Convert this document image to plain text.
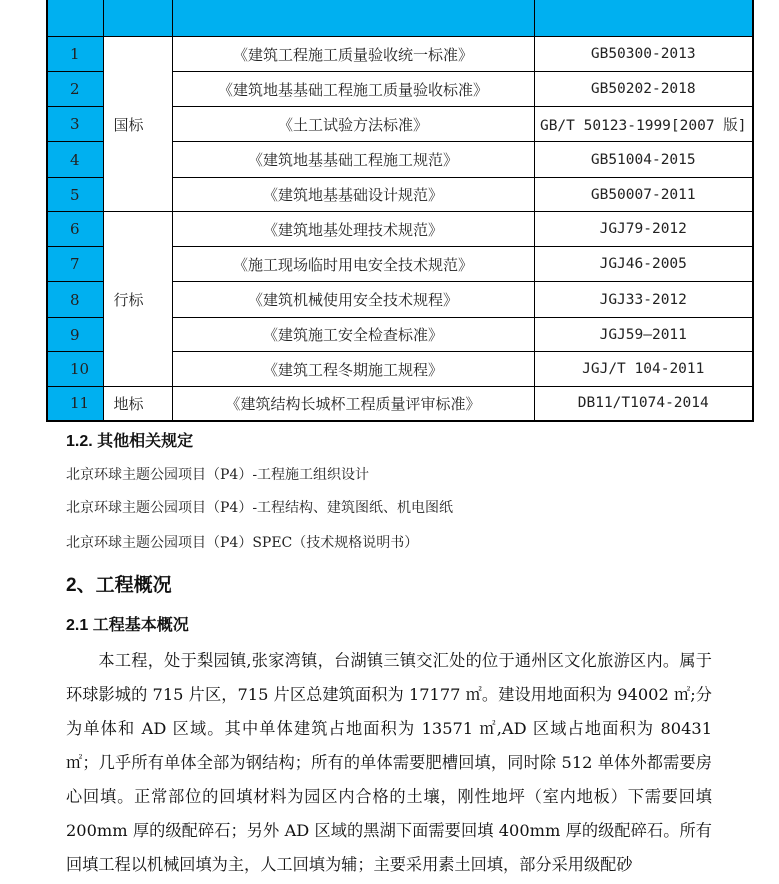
1	国标	《建筑工程施工质量验收统一标准》	GB50300-2013
2		《建筑地基基础工程施工质量验收标准》	GB50202-2018
3		《土工试验方法标准》	GB/T 50123-1999[2007 版]
4		《建筑地基基础工程施工规范》	GB51004-2015
5		《建筑地基基础设计规范》	GB50007-2011
6	行标	《建筑地基处理技术规范》	JGJ79-2012
7		《施工现场临时用电安全技术规范》	JGJ46-2005
8		《建筑机械使用安全技术规程》	JGJ33-2012
9		《建筑施工安全检查标准》	JGJ59—2011
10		《建筑工程冬期施工规程》	JGJ/T 104-2011
11	地标	《建筑结构长城杯工程质量评审标准》	DB11/T1074-2014
1.2. 其他相关规定

北京环球主题公园项目（P4）-工程施工组织设计

北京环球主题公园项目（P4）-工程结构、建筑图纸、机电图纸

北京环球主题公园项目（P4）SPEC（技术规格说明书）

2、工程概况
2.1 工程基本概况

本工程，处于梨园镇,张家湾镇，台湖镇三镇交汇处的位于通州区文化旅游区内。属于环球影城的 715 片区，715 片区总建筑面积为 17177 ㎡。建设用地面积为 94002 ㎡;分为单体和 AD 区域。其中单体建筑占地面积为 13571 ㎡,AD 区域占地面积为 80431 ㎡；几乎所有单体全部为钢结构；所有的单体需要肥槽回填，同时除 512 单体外都需要房心回填。正常部位的回填材料为园区内合格的土壤，刚性地坪（室内地板）下需要回填 200mm 厚的级配碎石；另外 AD 区域的黑湖下面需要回填 400mm 厚的级配碎石。所有回填工程以机械回填为主，人工回填为辅；主要采用素土回填，部分采用级配砂
